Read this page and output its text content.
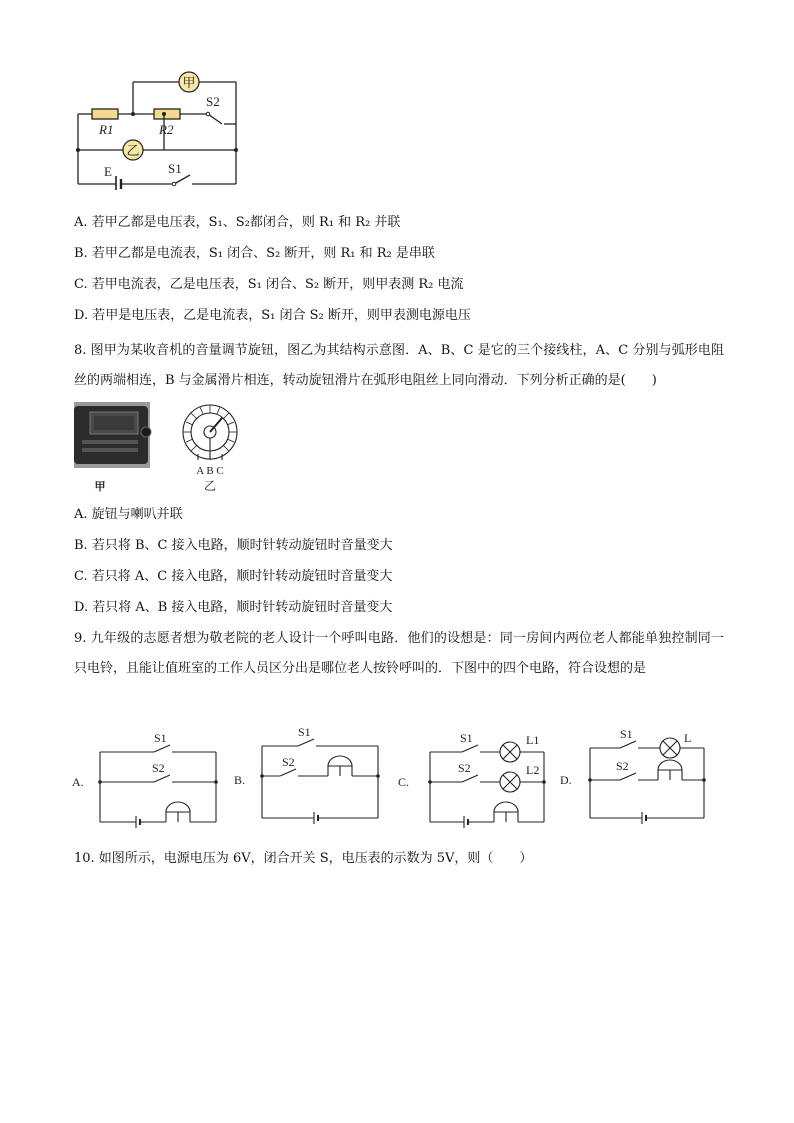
甲
乙
R1	R2
S2
S1
E
A. 若甲乙都是电压表，S₁、S₂都闭合，则 R₁ 和 R₂ 并联
B. 若甲乙都是电流表，S₁ 闭合、S₂ 断开，则 R₁ 和 R₂ 是串联
C. 若甲电流表，乙是电压表，S₁ 闭合、S₂ 断开，则甲表测 R₂ 电流
D. 若甲是电压表，乙是电流表，S₁ 闭合 S₂ 断开，则甲表测电源电压
8. 图甲为某收音机的音量调节旋钮，图乙为其结构示意图．A、B、C 是它的三个接线柱，A、C 分别与弧形电阻丝的两端相连，B 与金属滑片相连，转动旋钮滑片在弧形电阻丝上同向滑动．下列分析正确的是(　　)
A B C
甲	乙
A. 旋钮与喇叭并联
B. 若只将 B、C 接入电路，顺时针转动旋钮时音量变大
C. 若只将 A、C 接入电路，顺时针转动旋钮时音量变大
D. 若只将 A、B 接入电路，顺时针转动旋钮时音量变大
9. 九年级的志愿者想为敬老院的老人设计一个呼叫电路．他们的设想是：同一房间内两位老人都能单独控制同一只电铃，且能让值班室的工作人员区分出是哪位老人按铃呼叫的．下图中的四个电路，符合设想的是
A.	B.	C.	D.
S1
S2
S1
S2
S1
S2
L1
L2
S1
S2
L
10. 如图所示，电源电压为 6V，闭合开关 S，电压表的示数为 5V，则（　　）
